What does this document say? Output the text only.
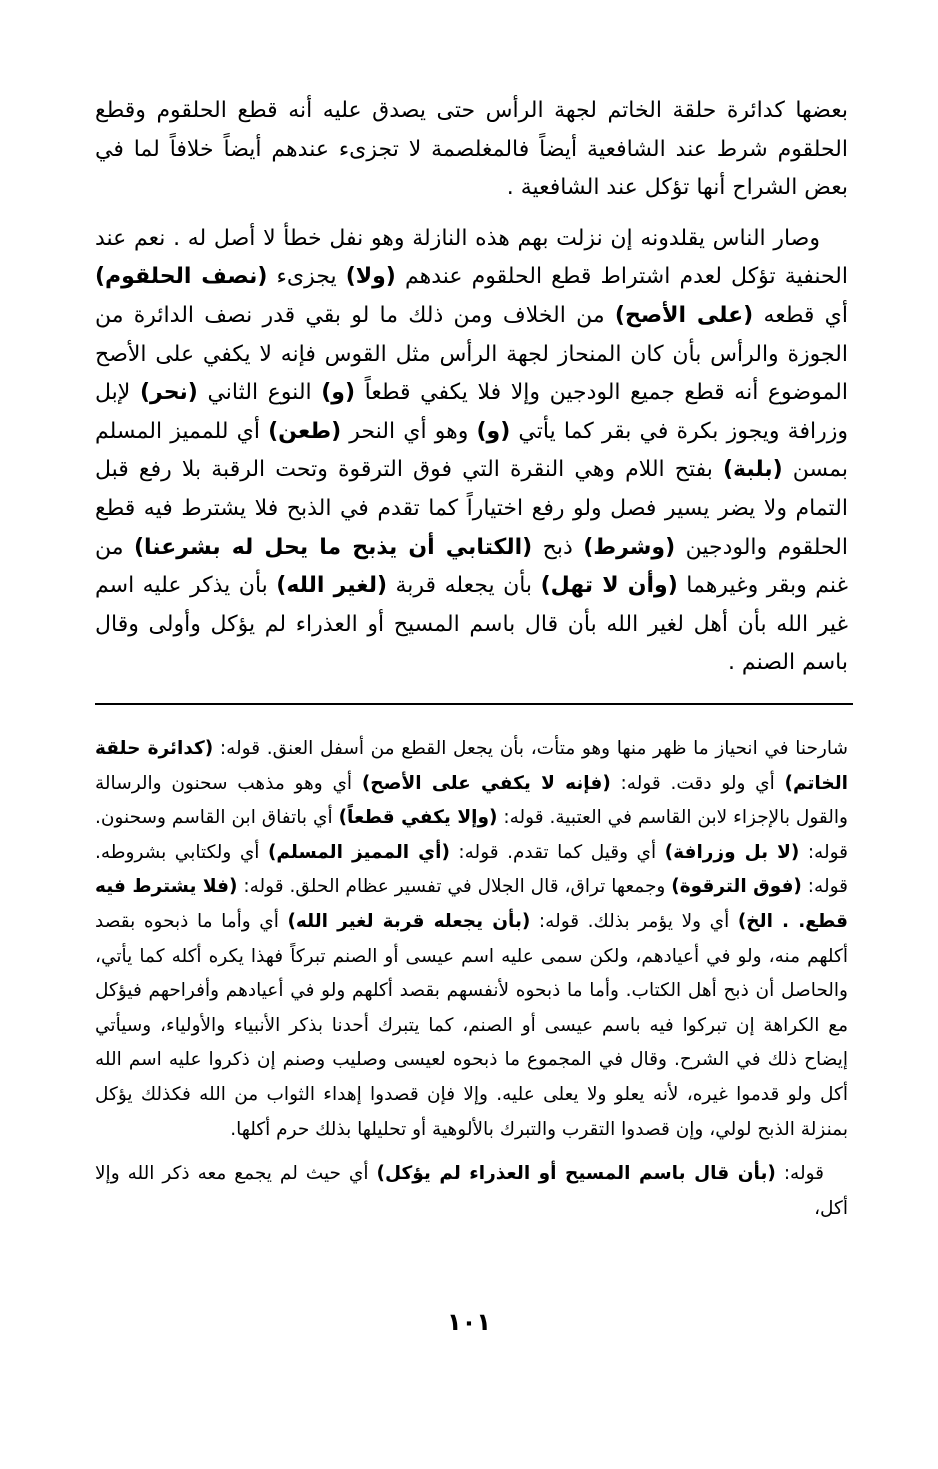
بعضها كدائرة حلقة الخاتم لجهة الرأس حتى يصدق عليه أنه قطع الحلقوم وقطع الحلقوم شرط عند الشافعية أيضاً فالمغلصمة لا تجزىء عندهم أيضاً خلافاً لما في بعض الشراح أنها تؤكل عند الشافعية .

وصار الناس يقلدونه إن نزلت بهم هذه النازلة وهو نفل خطأ لا أصل له . نعم عند الحنفية تؤكل لعدم اشتراط قطع الحلقوم عندهم (ولا) يجزىء (نصف الحلقوم) أي قطعه (على الأصح) من الخلاف ومن ذلك ما لو بقي قدر نصف الدائرة من الجوزة والرأس بأن كان المنحاز لجهة الرأس مثل القوس فإنه لا يكفي على الأصح الموضوع أنه قطع جميع الودجين وإلا فلا يكفي قطعاً (و) النوع الثاني (نحر) لإبل وزرافة ويجوز بكرة في بقر كما يأتي (و) وهو أي النحر (طعن) أي للمميز المسلم بمسن (بلبة) بفتح اللام وهي النقرة التي فوق الترقوة وتحت الرقبة بلا رفع قبل التمام ولا يضر يسير فصل ولو رفع اختياراً كما تقدم في الذبح فلا يشترط فيه قطع الحلقوم والودجين (وشرط) ذبح (الكتابي أن يذبح ما يحل له بشرعنا) من غنم وبقر وغيرهما (وأن لا تهل) بأن يجعله قربة (لغير الله) بأن يذكر عليه اسم غير الله بأن أهل لغير الله بأن قال باسم المسيح أو العذراء لم يؤكل وأولى وقال باسم الصنم .

شارحنا في انحياز ما ظهر منها وهو متأت، بأن يجعل القطع من أسفل العنق. قوله: (كدائرة حلقة الخاتم) أي ولو دقت. قوله: (فإنه لا يكفي على الأصح) أي وهو مذهب سحنون والرسالة والقول بالإجزاء لابن القاسم في العتبية. قوله: (وإلا يكفي قطعاً) أي باتفاق ابن القاسم وسحنون. قوله: (لا بل وزرافة) أي وقيل كما تقدم. قوله: (أي المميز المسلم) أي ولكتابي بشروطه. قوله: (فوق الترقوة) وجمعها تراق، قال الجلال في تفسير عظام الحلق. قوله: (فلا يشترط فيه قطع. . الخ) أي ولا يؤمر بذلك. قوله: (بأن يجعله قربة لغير الله) أي وأما ما ذبحوه بقصد أكلهم منه، ولو في أعيادهم، ولكن سمى عليه اسم عيسى أو الصنم تبركاً فهذا يكره أكله كما يأتي، والحاصل أن ذبح أهل الكتاب. وأما ما ذبحوه لأنفسهم بقصد أكلهم ولو في أعيادهم وأفراحهم فيؤكل مع الكراهة إن تبركوا فيه باسم عيسى أو الصنم، كما يتبرك أحدنا بذكر الأنبياء والأولياء، وسيأتي إيضاح ذلك في الشرح. وقال في المجموع ما ذبحوه لعيسى وصليب وصنم إن ذكروا عليه اسم الله أكل ولو قدموا غيره، لأنه يعلو ولا يعلى عليه. وإلا فإن قصدوا إهداء الثواب من الله فكذلك يؤكل بمنزلة الذبح لولي، وإن قصدوا التقرب والتبرك بالألوهية أو تحليلها بذلك حرم أكلها.

قوله: (بأن قال باسم المسيح أو العذراء لم يؤكل) أي حيث لم يجمع معه ذكر الله وإلا أكل،

١٠١
